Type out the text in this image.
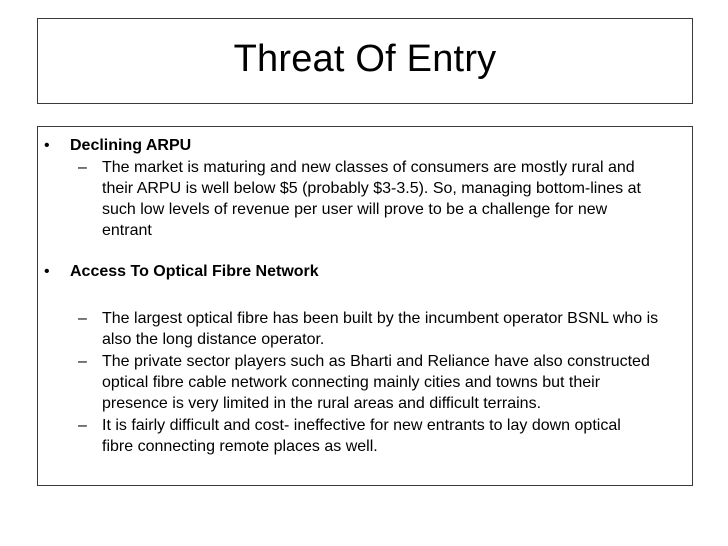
Threat Of Entry
• Declining ARPU
– The market is maturing and new classes of consumers are mostly rural and
their ARPU is well below $5 (probably $3-3.5). So, managing bottom-lines at
such low levels of revenue per user will prove to be a challenge for new
entrant
• Access To Optical Fibre Network
– The largest optical fibre has been built by the incumbent operator BSNL who is
also the long distance operator.
– The private sector players such as Bharti and Reliance have also constructed
optical fibre cable network connecting mainly cities and towns but their
presence is very limited in the rural areas and difficult terrains.
– It is fairly difficult and cost- ineffective for new entrants to lay down optical
fibre connecting remote places as well.
